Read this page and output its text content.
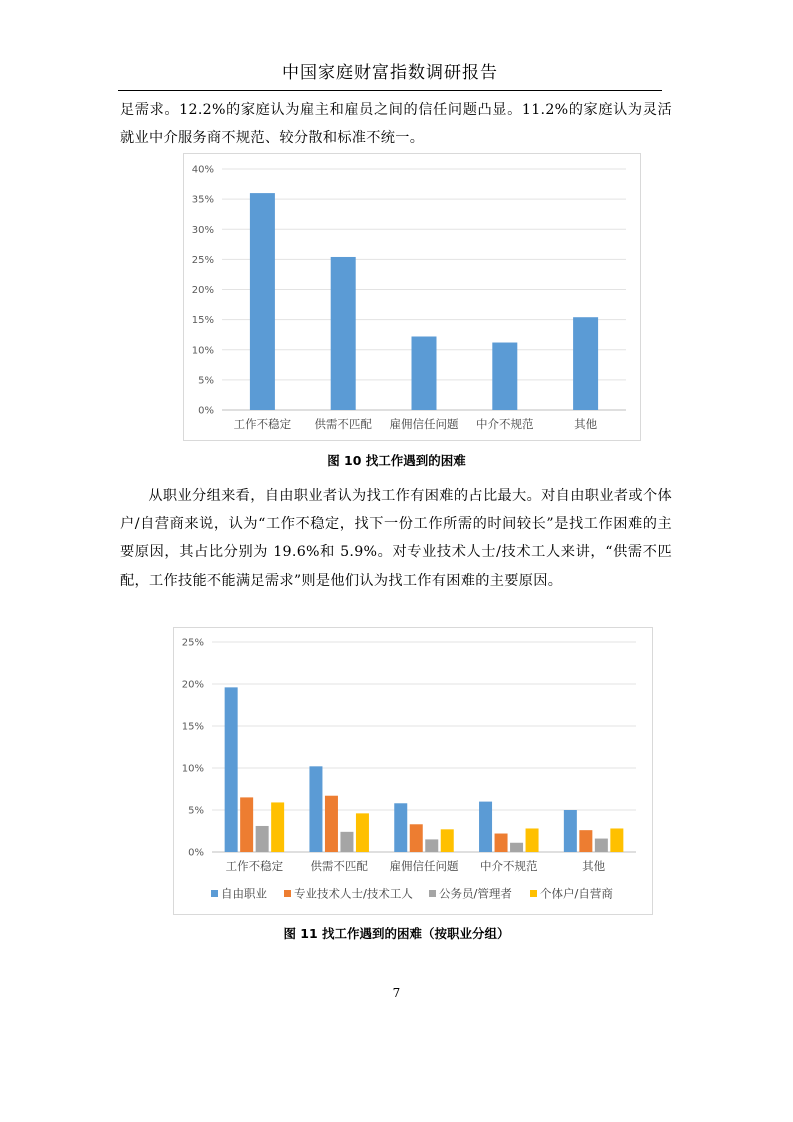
中国家庭财富指数调研报告

足需求。12.2%的家庭认为雇主和雇员之间的信任问题凸显。11.2%的家庭认为灵活就业中介服务商不规范、较分散和标准不统一。

0%
5%
10%
15%
20%
25%
30%
35%
40%
工作不稳定 供需不匹配 雇佣信任问题 中介不规范	其他
图 10 找工作遇到的困难

从职业分组来看，自由职业者认为找工作有困难的占比最大。对自由职业者或个体户/自营商来说，认为“工作不稳定，找下一份工作所需的时间较长”是找工作困难的主要原因，其占比分别为 19.6%和 5.9%。对专业技术人士/技术工人来讲，“供需不匹配，工作技能不能满足需求”则是他们认为找工作有困难的主要原因。

0%
5%
10%
15%
20%
25%
工作不稳定 供需不匹配 雇佣信任问题 中介不规范	其他
自由职业 专业技术人士/技术工人 公务员/管理者 个体户/自营商
图 11 找工作遇到的困难（按职业分组）
7
